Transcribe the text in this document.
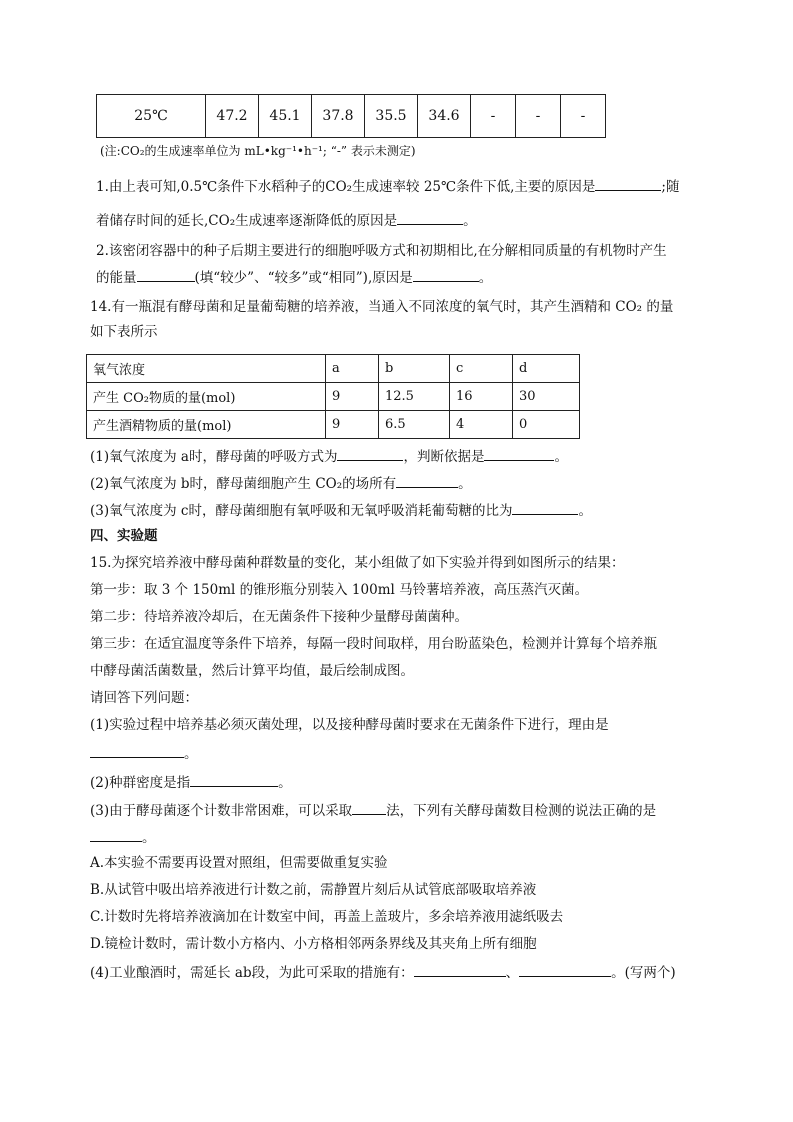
25℃	47.2	45.1	37.8	35.5	34.6	-	-	-
(注:CO₂的生成速率单位为 mL•kg⁻¹•h⁻¹; “-” 表示未测定)
1.由上表可知,0.5℃条件下水稻种子的CO₂生成速率较 25℃条件下低,主要的原因是	;随
着储存时间的延长,CO₂生成速率逐渐降低的原因是	。
2.该密闭容器中的种子后期主要进行的细胞呼吸方式和初期相比,在分解相同质量的有机物时产生
的能量	(填“较少”、“较多”或“相同”),原因是	。
14.有一瓶混有酵母菌和足量葡萄糖的培养液，当通入不同浓度的氧气时，其产生酒精和 CO₂ 的量
如下表所示
氧气浓度	a	b	c	d
产生 CO₂物质的量(mol)	9	12.5	16	30
产生酒精物质的量(mol)	9	6.5	4	0
(1)氧气浓度为 a时，酵母菌的呼吸方式为	，判断依据是	。
(2)氧气浓度为 b时，酵母菌细胞产生 CO₂的场所有	。
(3)氧气浓度为 c时，酵母菌细胞有氧呼吸和无氧呼吸消耗葡萄糖的比为	。
四、实验题
15.为探究培养液中酵母菌种群数量的变化，某小组做了如下实验并得到如图所示的结果：
第一步：取 3 个 150ml 的锥形瓶分别装入 100ml 马铃薯培养液，高压蒸汽灭菌。
第二步：待培养液冷却后，在无菌条件下接种少量酵母菌菌种。
第三步：在适宜温度等条件下培养，每隔一段时间取样，用台盼蓝染色，检测并计算每个培养瓶
中酵母菌活菌数量，然后计算平均值，最后绘制成图。
请回答下列问题：
(1)实验过程中培养基必须灭菌处理，以及接种酵母菌时要求在无菌条件下进行，理由是
。
(2)种群密度是指	。
(3)由于酵母菌逐个计数非常困难，可以采取	法，下列有关酵母菌数目检测的说法正确的是
。
A.本实验不需要再设置对照组，但需要做重复实验
B.从试管中吸出培养液进行计数之前，需静置片刻后从试管底部吸取培养液
C.计数时先将培养液滴加在计数室中间，再盖上盖玻片，多余培养液用滤纸吸去
D.镜检计数时，需计数小方格内、小方格相邻两条界线及其夹角上所有细胞
(4)工业酿酒时，需延长 ab段，为此可采取的措施有：	、	。(写两个)
